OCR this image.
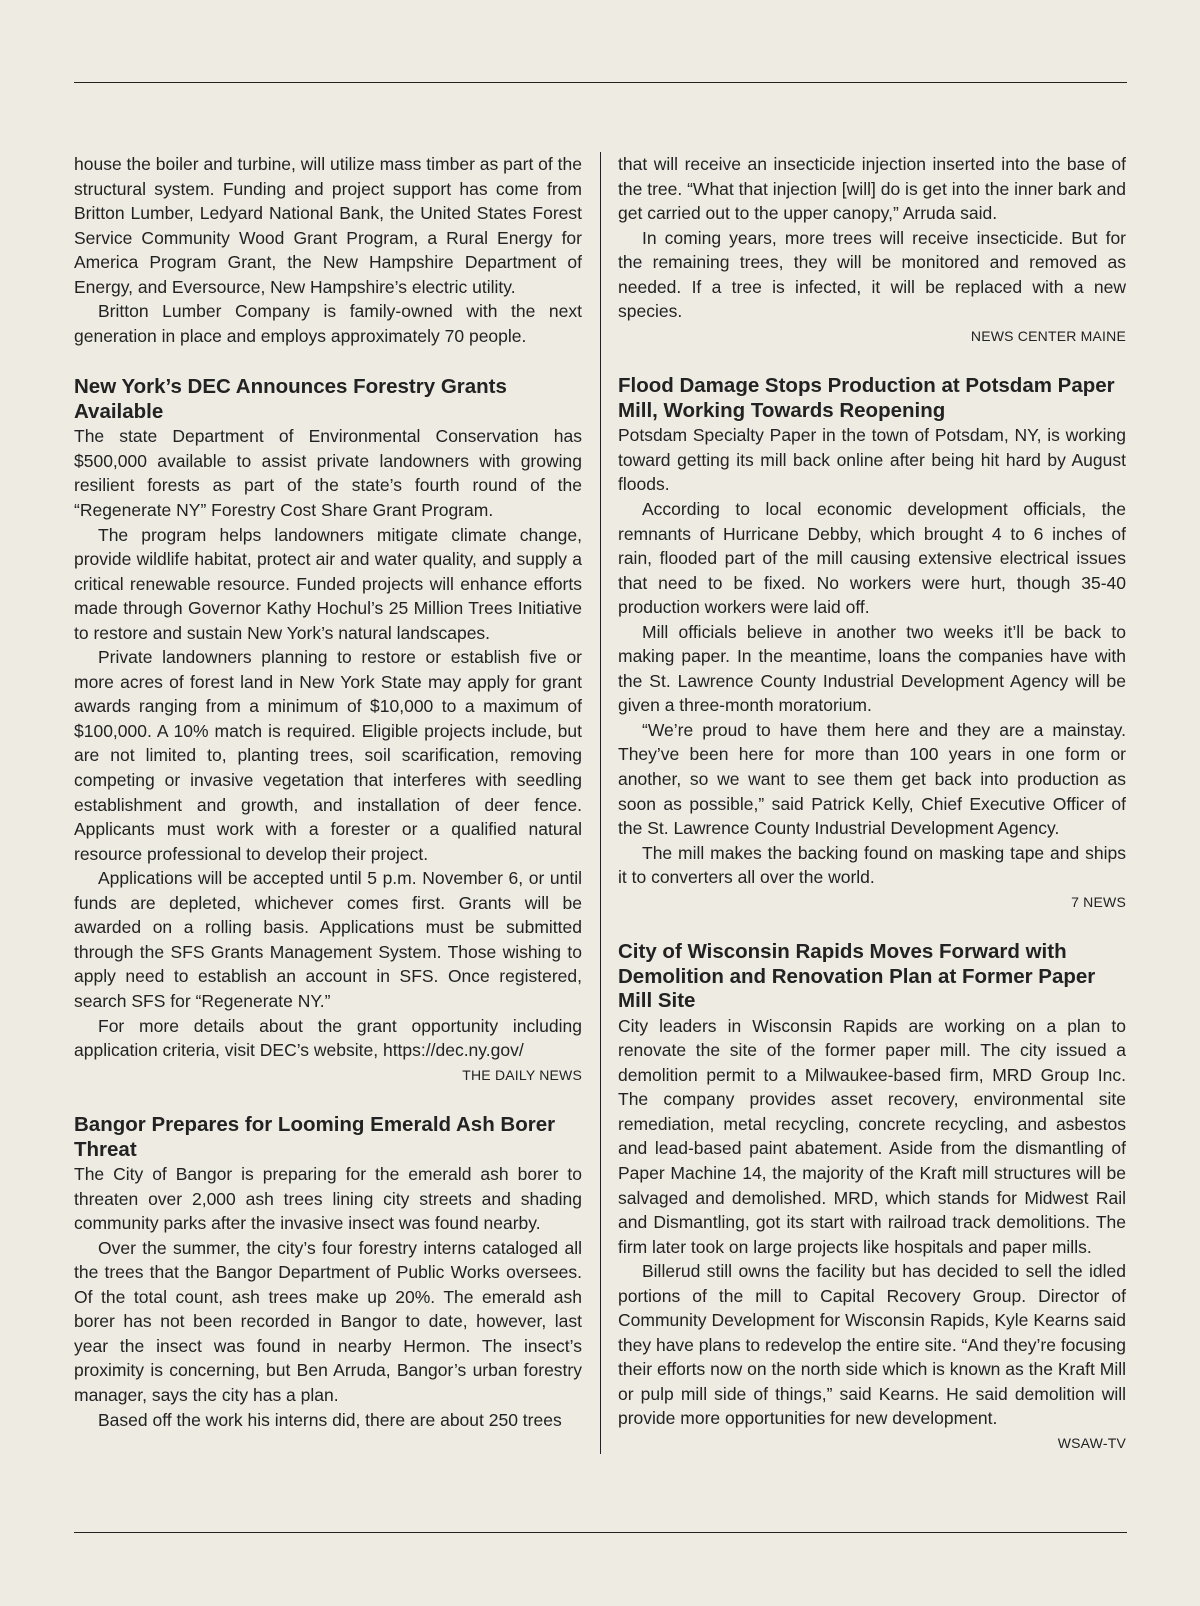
house the boiler and turbine, will utilize mass timber as part of the structural system. Funding and project support has come from Britton Lumber, Ledyard National Bank, the United States Forest Service Community Wood Grant Program, a Rural Energy for America Program Grant, the New Hampshire Department of Energy, and Eversource, New Hampshire’s electric utility.

Britton Lumber Company is family-owned with the next generation in place and employs approximately 70 people.

New York’s DEC Announces Forestry Grants Available

The state Department of Environmental Conservation has $500,000 available to assist private landowners with growing resilient forests as part of the state’s fourth round of the “Regenerate NY” Forestry Cost Share Grant Program.

The program helps landowners mitigate climate change, provide wildlife habitat, protect air and water quality, and supply a critical renewable resource. Funded projects will enhance efforts made through Governor Kathy Hochul’s 25 Million Trees Initiative to restore and sustain New York’s natural landscapes.

Private landowners planning to restore or establish five or more acres of forest land in New York State may apply for grant awards ranging from a minimum of $10,000 to a maximum of $100,000. A 10% match is required. Eligible projects include, but are not limited to, planting trees, soil scarification, removing competing or invasive vegetation that interferes with seedling establishment and growth, and installation of deer fence. Applicants must work with a forester or a qualified natural resource professional to develop their project.

Applications will be accepted until 5 p.m. November 6, or until funds are depleted, whichever comes first. Grants will be awarded on a rolling basis. Applications must be submitted through the SFS Grants Management System. Those wishing to apply need to establish an account in SFS. Once registered, search SFS for “Regenerate NY.”

For more details about the grant opportunity including application criteria, visit DEC’s website, https://dec.ny.gov/

THE DAILY NEWS
Bangor Prepares for Looming Emerald Ash Borer Threat

The City of Bangor is preparing for the emerald ash borer to threaten over 2,000 ash trees lining city streets and shading community parks after the invasive insect was found nearby.

Over the summer, the city’s four forestry interns cataloged all the trees that the Bangor Department of Public Works oversees. Of the total count, ash trees make up 20%. The emerald ash borer has not been recorded in Bangor to date, however, last year the insect was found in nearby Hermon. The insect’s proximity is concerning, but Ben Arruda, Bangor’s urban forestry manager, says the city has a plan.

Based off the work his interns did, there are about 250 trees

that will receive an insecticide injection inserted into the base of the tree. “What that injection [will] do is get into the inner bark and get carried out to the upper canopy,” Arruda said.

In coming years, more trees will receive insecticide. But for the remaining trees, they will be monitored and removed as needed. If a tree is infected, it will be replaced with a new species.

NEWS CENTER MAINE
Flood Damage Stops Production at Potsdam Paper Mill, Working Towards Reopening

Potsdam Specialty Paper in the town of Potsdam, NY, is working toward getting its mill back online after being hit hard by August floods.

According to local economic development officials, the remnants of Hurricane Debby, which brought 4 to 6 inches of rain, flooded part of the mill causing extensive electrical issues that need to be fixed. No workers were hurt, though 35-40 production workers were laid off.

Mill officials believe in another two weeks it’ll be back to making paper. In the meantime, loans the companies have with the St. Lawrence County Industrial Development Agency will be given a three-month moratorium.

“We’re proud to have them here and they are a mainstay. They’ve been here for more than 100 years in one form or another, so we want to see them get back into production as soon as possible,” said Patrick Kelly, Chief Executive Officer of the St. Lawrence County Industrial Development Agency.

The mill makes the backing found on masking tape and ships it to converters all over the world.

7 NEWS
City of Wisconsin Rapids Moves Forward with Demolition and Renovation Plan at Former Paper Mill Site

City leaders in Wisconsin Rapids are working on a plan to renovate the site of the former paper mill. The city issued a demolition permit to a Milwaukee-based firm, MRD Group Inc. The company provides asset recovery, environmental site remediation, metal recycling, concrete recycling, and asbestos and lead-based paint abatement. Aside from the dismantling of Paper Machine 14, the majority of the Kraft mill structures will be salvaged and demolished. MRD, which stands for Midwest Rail and Dismantling, got its start with railroad track demolitions. The firm later took on large projects like hospitals and paper mills.

Billerud still owns the facility but has decided to sell the idled portions of the mill to Capital Recovery Group. Director of Community Development for Wisconsin Rapids, Kyle Kearns said they have plans to redevelop the entire site. “And they’re focusing their efforts now on the north side which is known as the Kraft Mill or pulp mill side of things,” said Kearns. He said demolition will provide more opportunities for new development.

WSAW-TV
